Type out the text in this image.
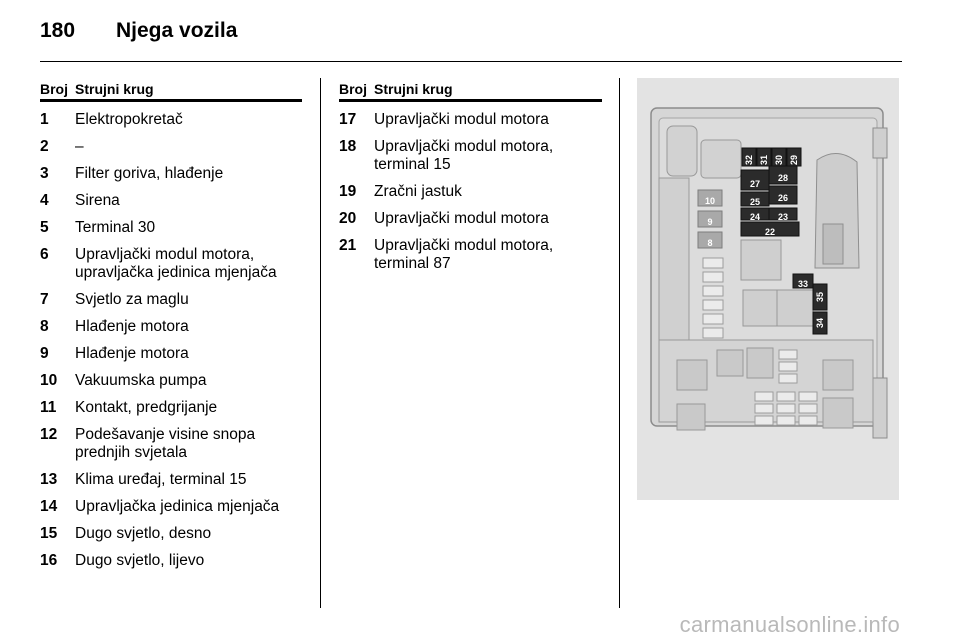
180	Njega vozila
Broj Strujni krug
1	Elektropokretač
2	–
3	Filter goriva, hlađenje
4	Sirena
5	Terminal 30
6	Upravljački modul motora, upravljačka jedinica mjenjača
7	Svjetlo za maglu
8	Hlađenje motora
9	Hlađenje motora
10	Vakuumska pumpa
11	Kontakt, predgrijanje
12	Podešavanje visine snopa prednjih svjetala
13	Klima uređaj, terminal 15
14	Upravljačka jedinica mjenjača
15	Dugo svjetlo, desno
16	Dugo svjetlo, lijevo
Broj Strujni krug
17	Upravljački modul motora
18	Upravljački modul motora, terminal 15
19	Zračni jastuk
20	Upravljački modul motora
21	Upravljački modul motora, terminal 87
32 31 30 29
28
27
26
25
24 23
22
10
9
8
33
35
34
carmanualsonline.info
